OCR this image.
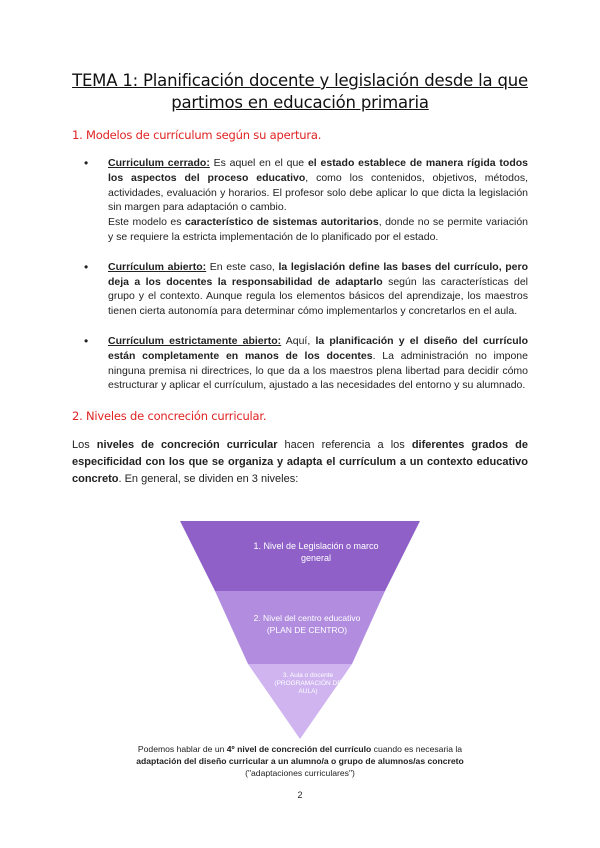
TEMA 1: Planificación docente y legislación desde la que
partimos en educación primaria
1. Modelos de currículum según su apertura.
• Curriculum cerrado: Es aquel en el que el estado establece de manera rígida todos los aspectos del proceso educativo, como los contenidos, objetivos, métodos, actividades, evaluación y horarios. El profesor solo debe aplicar lo que dicta la legislación sin margen para adaptación o cambio.
Este modelo es característico de sistemas autoritarios, donde no se permite variación y se requiere la estricta implementación de lo planificado por el estado.
• Currículum abierto: En este caso, la legislación define las bases del currículo, pero deja a los docentes la responsabilidad de adaptarlo según las características del grupo y el contexto. Aunque regula los elementos básicos del aprendizaje, los maestros tienen cierta autonomía para determinar cómo implementarlos y concretarlos en el aula.
• Currículum estrictamente abierto: Aquí, la planificación y el diseño del currículo están completamente en manos de los docentes. La administración no impone ninguna premisa ni directrices, lo que da a los maestros plena libertad para decidir cómo estructurar y aplicar el currículum, ajustado a las necesidades del entorno y su alumnado.
2. Niveles de concreción curricular.

Los niveles de concreción curricular hacen referencia a los diferentes grados de especificidad con los que se organiza y adapta el currículum a un contexto educativo concreto. En general, se dividen en 3 niveles:

1. Nivel de Legislación o marco general
2. Nivel del centro educativo (PLAN DE CENTRO)
3. Aula o docente (PROGRAMACIÓN DE AULA)

Podemos hablar de un 4º nivel de concreción del currículo cuando es necesaria la adaptación del diseño curricular a un alumno/a o grupo de alumnos/as concreto ("adaptaciones curriculares")

2
